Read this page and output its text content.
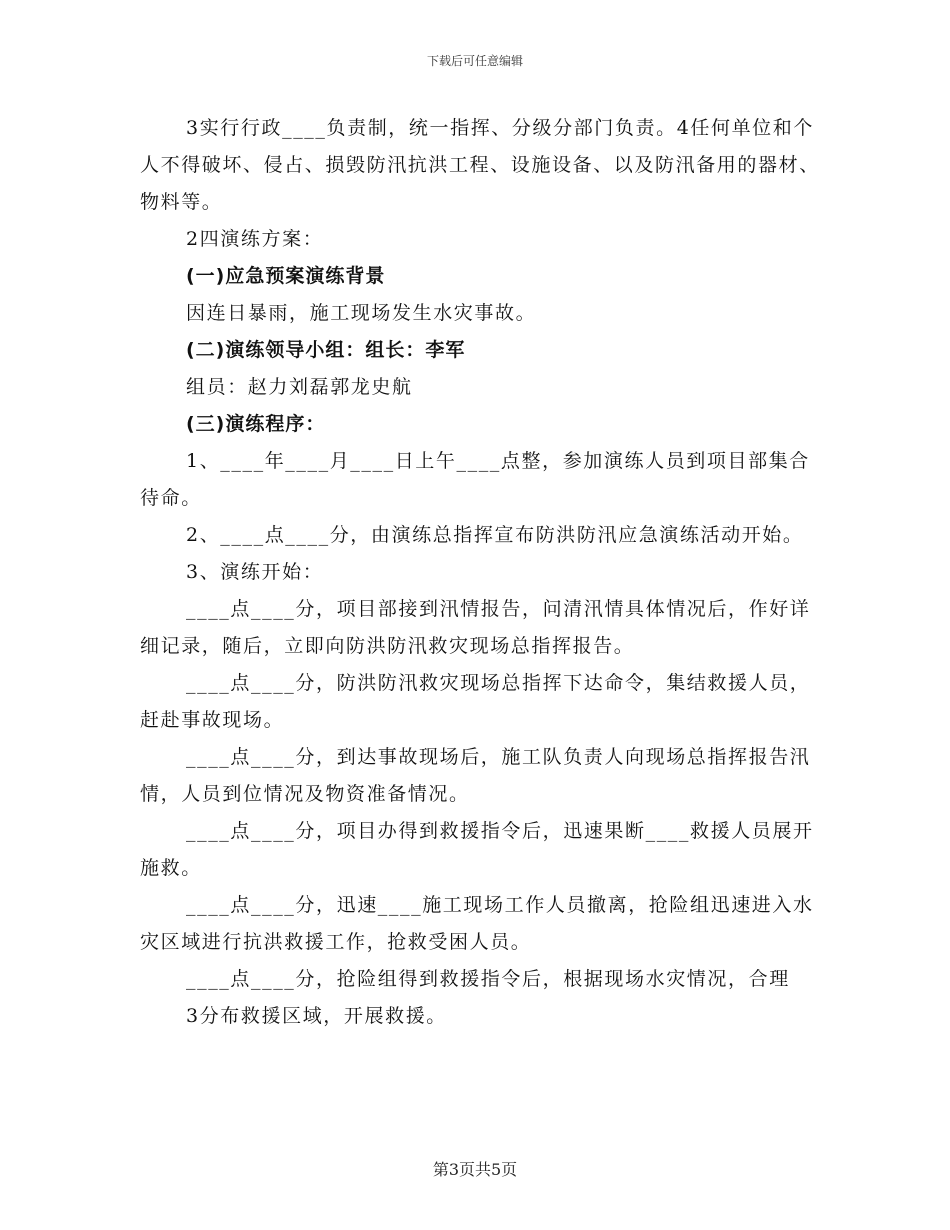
下载后可任意编辑

3实行行政____负责制，统一指挥、分级分部门负责。4任何单位和个人不得破坏、侵占、损毁防汛抗洪工程、设施设备、以及防汛备用的器材、物料等。

2四演练方案：

(一)应急预案演练背景

因连日暴雨，施工现场发生水灾事故。

(二)演练领导小组：组长：李军

组员：赵力刘磊郭龙史航

(三)演练程序：

1、____年____月____日上午____点整，参加演练人员到项目部集合待命。

2、____点____分，由演练总指挥宣布防洪防汛应急演练活动开始。

3、演练开始：

____点____分，项目部接到汛情报告，问清汛情具体情况后，作好详细记录，随后，立即向防洪防汛救灾现场总指挥报告。

____点____分，防洪防汛救灾现场总指挥下达命令，集结救援人员，赶赴事故现场。

____点____分，到达事故现场后，施工队负责人向现场总指挥报告汛情，人员到位情况及物资准备情况。

____点____分，项目办得到救援指令后，迅速果断____救援人员展开施救。

____点____分，迅速____施工现场工作人员撤离，抢险组迅速进入水灾区域进行抗洪救援工作，抢救受困人员。

____点____分，抢险组得到救援指令后，根据现场水灾情况，合理

3分布救援区域，开展救援。

第3页共5页
